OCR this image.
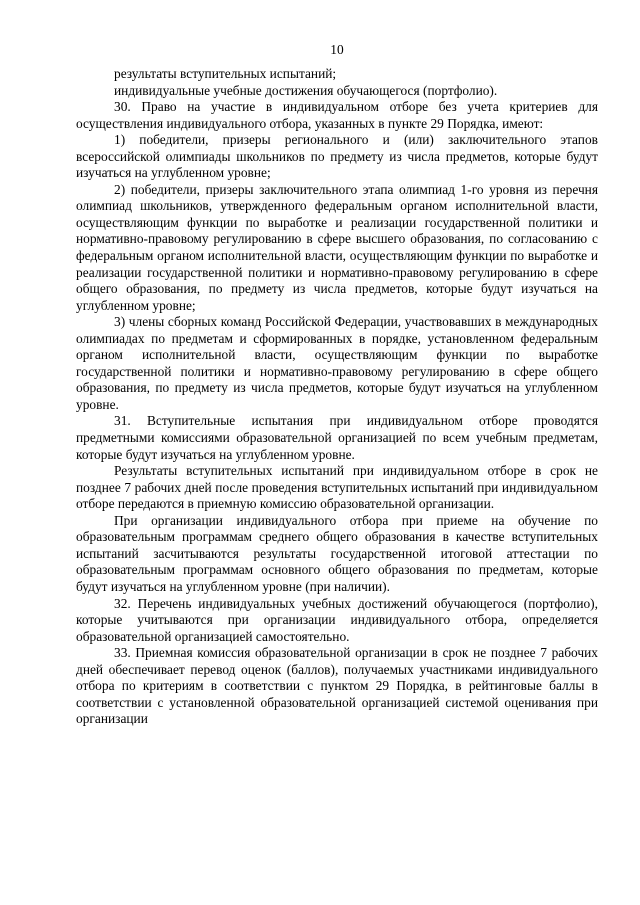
10

результаты вступительных испытаний;

индивидуальные учебные достижения обучающегося (портфолио).

30. Право на участие в индивидуальном отборе без учета критериев для осуществления индивидуального отбора, указанных в пункте 29 Порядка, имеют:

1) победители, призеры регионального и (или) заключительного этапов всероссийской олимпиады школьников по предмету из числа предметов, которые будут изучаться на углубленном уровне;

2) победители, призеры заключительного этапа олимпиад 1-го уровня из перечня олимпиад школьников, утвержденного федеральным органом исполнительной власти, осуществляющим функции по выработке и реализации государственной политики и нормативно-правовому регулированию в сфере высшего образования, по согласованию с федеральным органом исполнительной власти, осуществляющим функции по выработке и реализации государственной политики и нормативно-правовому регулированию в сфере общего образования, по предмету из числа предметов, которые будут изучаться на углубленном уровне;

3) члены сборных команд Российской Федерации, участвовавших в международных олимпиадах по предметам и сформированных в порядке, установленном федеральным органом исполнительной власти, осуществляющим функции по выработке государственной политики и нормативно-правовому регулированию в сфере общего образования, по предмету из числа предметов, которые будут изучаться на углубленном уровне.

31. Вступительные испытания при индивидуальном отборе проводятся предметными комиссиями образовательной организацией по всем учебным предметам, которые будут изучаться на углубленном уровне.

Результаты вступительных испытаний при индивидуальном отборе в срок не позднее 7 рабочих дней после проведения вступительных испытаний при индивидуальном отборе передаются в приемную комиссию образовательной организации.

При организации индивидуального отбора при приеме на обучение по образовательным программам среднего общего образования в качестве вступительных испытаний засчитываются результаты государственной итоговой аттестации по образовательным программам основного общего образования по предметам, которые будут изучаться на углубленном уровне (при наличии).

32. Перечень индивидуальных учебных достижений обучающегося (портфолио), которые учитываются при организации индивидуального отбора, определяется образовательной организацией самостоятельно.

33. Приемная комиссия образовательной организации в срок не позднее 7 рабочих дней обеспечивает перевод оценок (баллов), получаемых участниками индивидуального отбора по критериям в соответствии с пунктом 29 Порядка, в рейтинговые баллы в соответствии с установленной образовательной организацией системой оценивания при организации
